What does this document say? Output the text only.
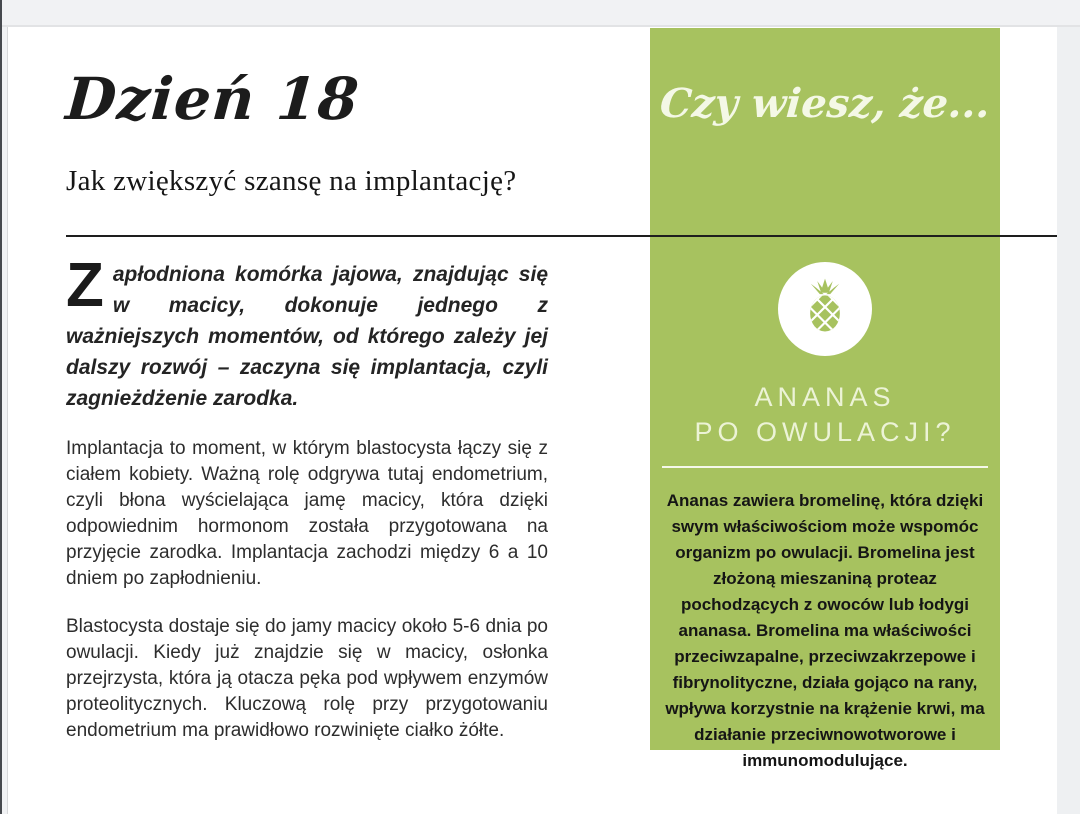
Dzień 18
Jak zwiększyć szansę na implantację?

Zapłodniona komórka jajowa, znajdując się w macicy, dokonuje jednego z ważniejszych momentów, od którego zależy jej dalszy rozwój – zaczyna się implantacja, czyli zagnieżdżenie zarodka.

Implantacja to moment, w którym blastocysta łączy się z ciałem kobiety. Ważną rolę odgrywa tutaj endometrium, czyli błona wyścielająca jamę macicy, która dzięki odpowiednim hormonom została przygotowana na przyjęcie zarodka. Implantacja zachodzi między 6 a 10 dniem po zapłodnieniu.

Blastocysta dostaje się do jamy macicy około 5-6 dnia po owulacji. Kiedy już znajdzie się w macicy, osłonka przejrzysta, która ją otacza pęka pod wpływem enzymów proteolitycznych. Kluczową rolę przy przygotowaniu endometrium ma prawidłowo rozwinięte ciałko żółte.

Czy wiesz, że...
ANANAS
PO OWULACJI?
Ananas zawiera bromelinę, która dzięki swym właściwościom może wspomóc organizm po owulacji. Bromelina jest złożoną mieszaniną proteaz pochodzących z owoców lub łodygi ananasa. Bromelina ma właściwości przeciwzapalne, przeciwzakrzepowe i fibrynolityczne, działa gojąco na rany, wpływa korzystnie na krążenie krwi, ma działanie przeciwnowotworowe i immunomodulujące.
